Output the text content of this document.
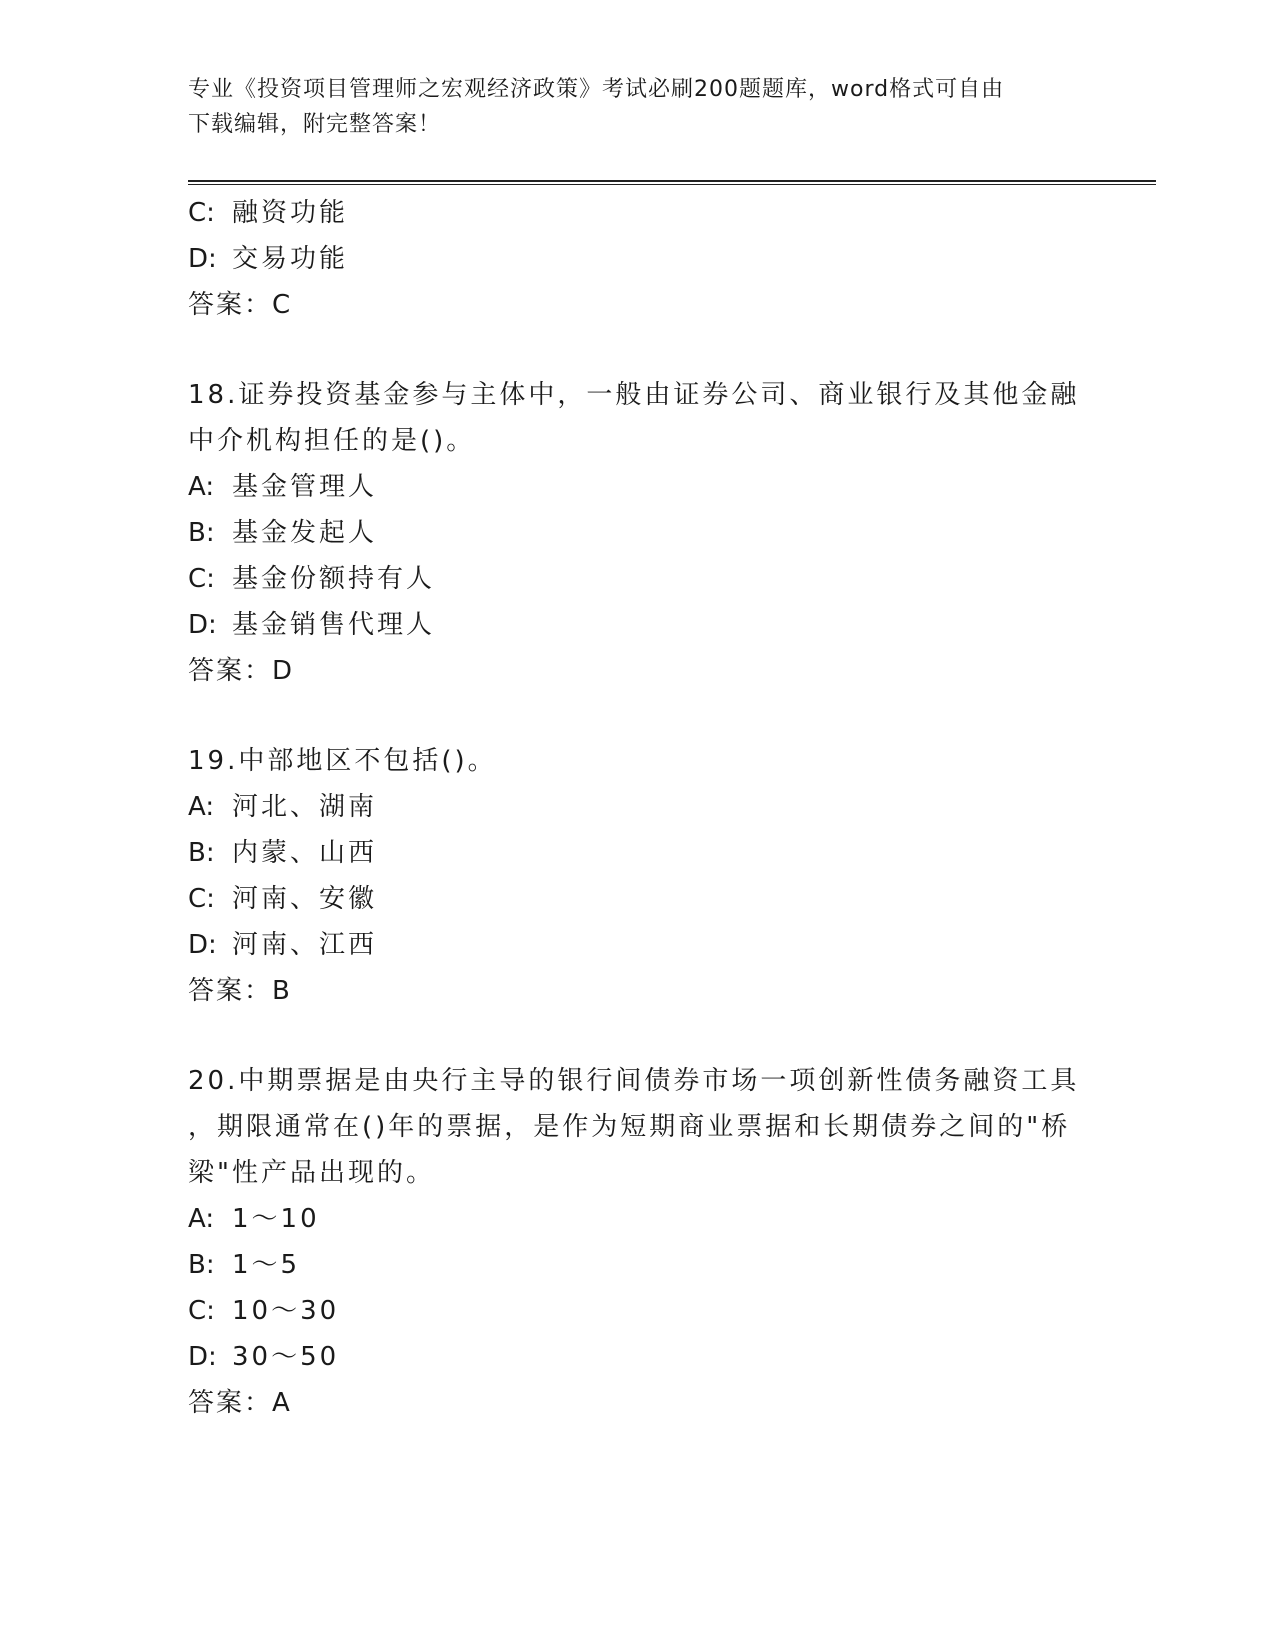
专业《投资项目管理师之宏观经济政策》考试必刷200题题库，word格式可自由
下载编辑，附完整答案！
C: 融资功能
D: 交易功能
答案：C
18.证券投资基金参与主体中，一般由证券公司、商业银行及其他金融
中介机构担任的是()。
A: 基金管理人
B: 基金发起人
C: 基金份额持有人
D: 基金销售代理人
答案：D
19.中部地区不包括()。
A: 河北、湖南
B: 内蒙、山西
C: 河南、安徽
D: 河南、江西
答案：B
20.中期票据是由央行主导的银行间债券市场一项创新性债务融资工具
，期限通常在()年的票据，是作为短期商业票据和长期债券之间的"桥
梁"性产品出现的。
A: 1～10
B: 1～5
C: 10～30
D: 30～50
答案：A
